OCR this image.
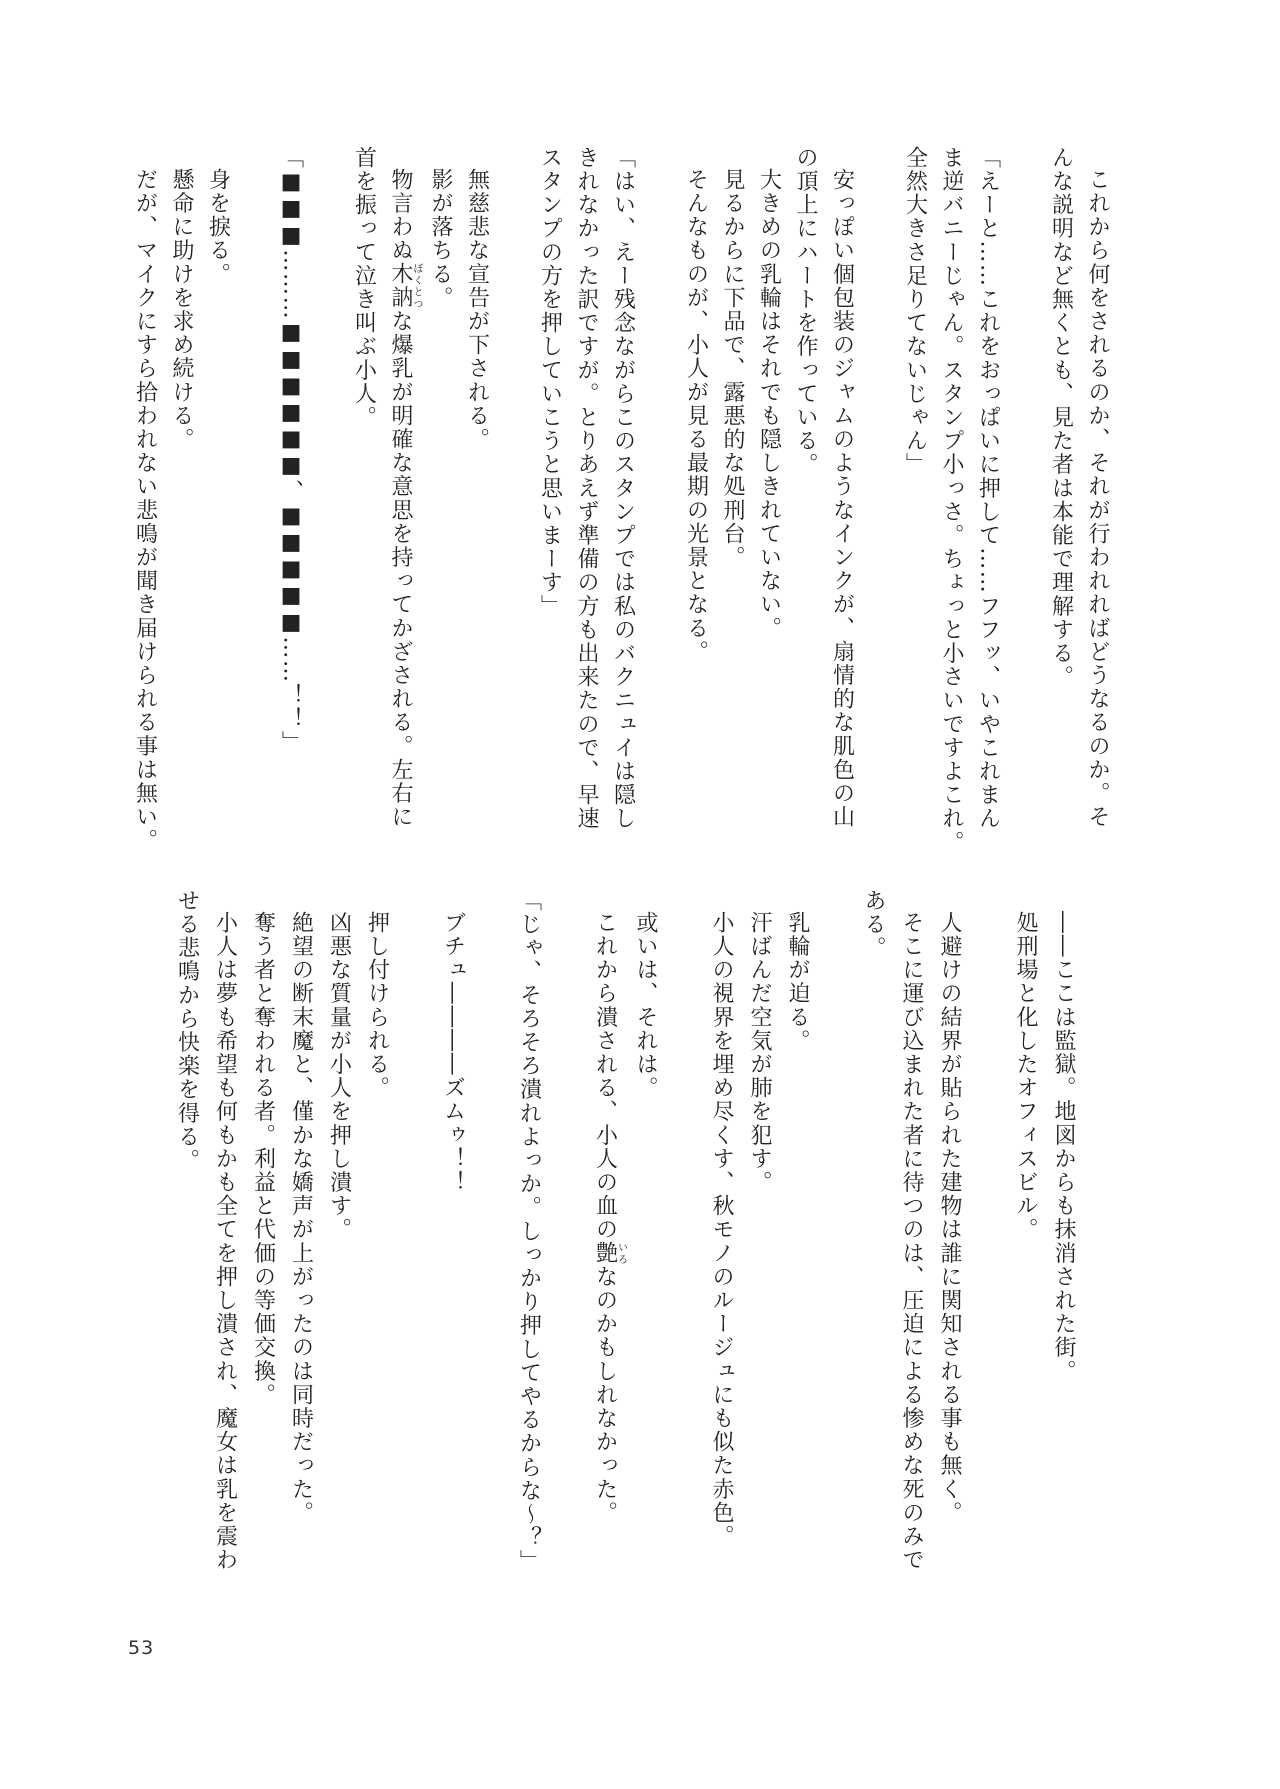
これから何をされるのか、それが行われればどうなるのか。そ
んな説明など無くとも、見た者は本能で理解する。
「えーと……これをおっぱいに押して……フフッ、いやこれまん
ま逆バニーじゃん。スタンプ小っさ。ちょっと小さいですよこれ。
全然大きさ足りてないじゃん」
安っぽい個包装のジャムのようなインクが、扇情的な肌色の山
の頂上にハートを作っている。
大きめの乳輪はそれでも隠しきれていない。
見るからに下品で、露悪的な処刑台。
そんなものが、小人が見る最期の光景となる。
「はい、えー残念ながらこのスタンプでは私のバクニュイは隠し
きれなかった訳ですが。とりあえず準備の方も出来たので、早速
スタンプの方を押していこうと思いまーす」
無慈悲な宣告が下される。
影が落ちる。
物言わぬ木訥ぼくとつな爆乳が明確な意思を持ってかざされる。左右に
首を振って泣き叫ぶ小人。
「■■■………■■■■■■、■■■■■……！！」
身を捩る。
懸命に助けを求め続ける。
だが、マイクにすら拾われない悲鳴が聞き届けられる事は無い。
――ここは監獄。地図からも抹消された街。
処刑場と化したオフィスビル。
人避けの結界が貼られた建物は誰に関知される事も無く。
そこに運び込まれた者に待つのは、圧迫による惨めな死のみで
ある。
乳輪が迫る。
汗ばんだ空気が肺を犯す。
小人の視界を埋め尽くす、秋モノのルージュにも似た赤色。
或いは、それは。
これから潰される、小人の血の艶いろなのかもしれなかった。
「じゃ、そろそろ潰れよっか。しっかり押してやるからな～？」
ブチュ――――ズムゥ！！
押し付けられる。
凶悪な質量が小人を押し潰す。
絶望の断末魔と、僅かな嬌声が上がったのは同時だった。
奪う者と奪われる者。利益と代価の等価交換。
小人は夢も希望も何もかも全てを押し潰され、魔女は乳を震わ
せる悲鳴から快楽を得る。
53
